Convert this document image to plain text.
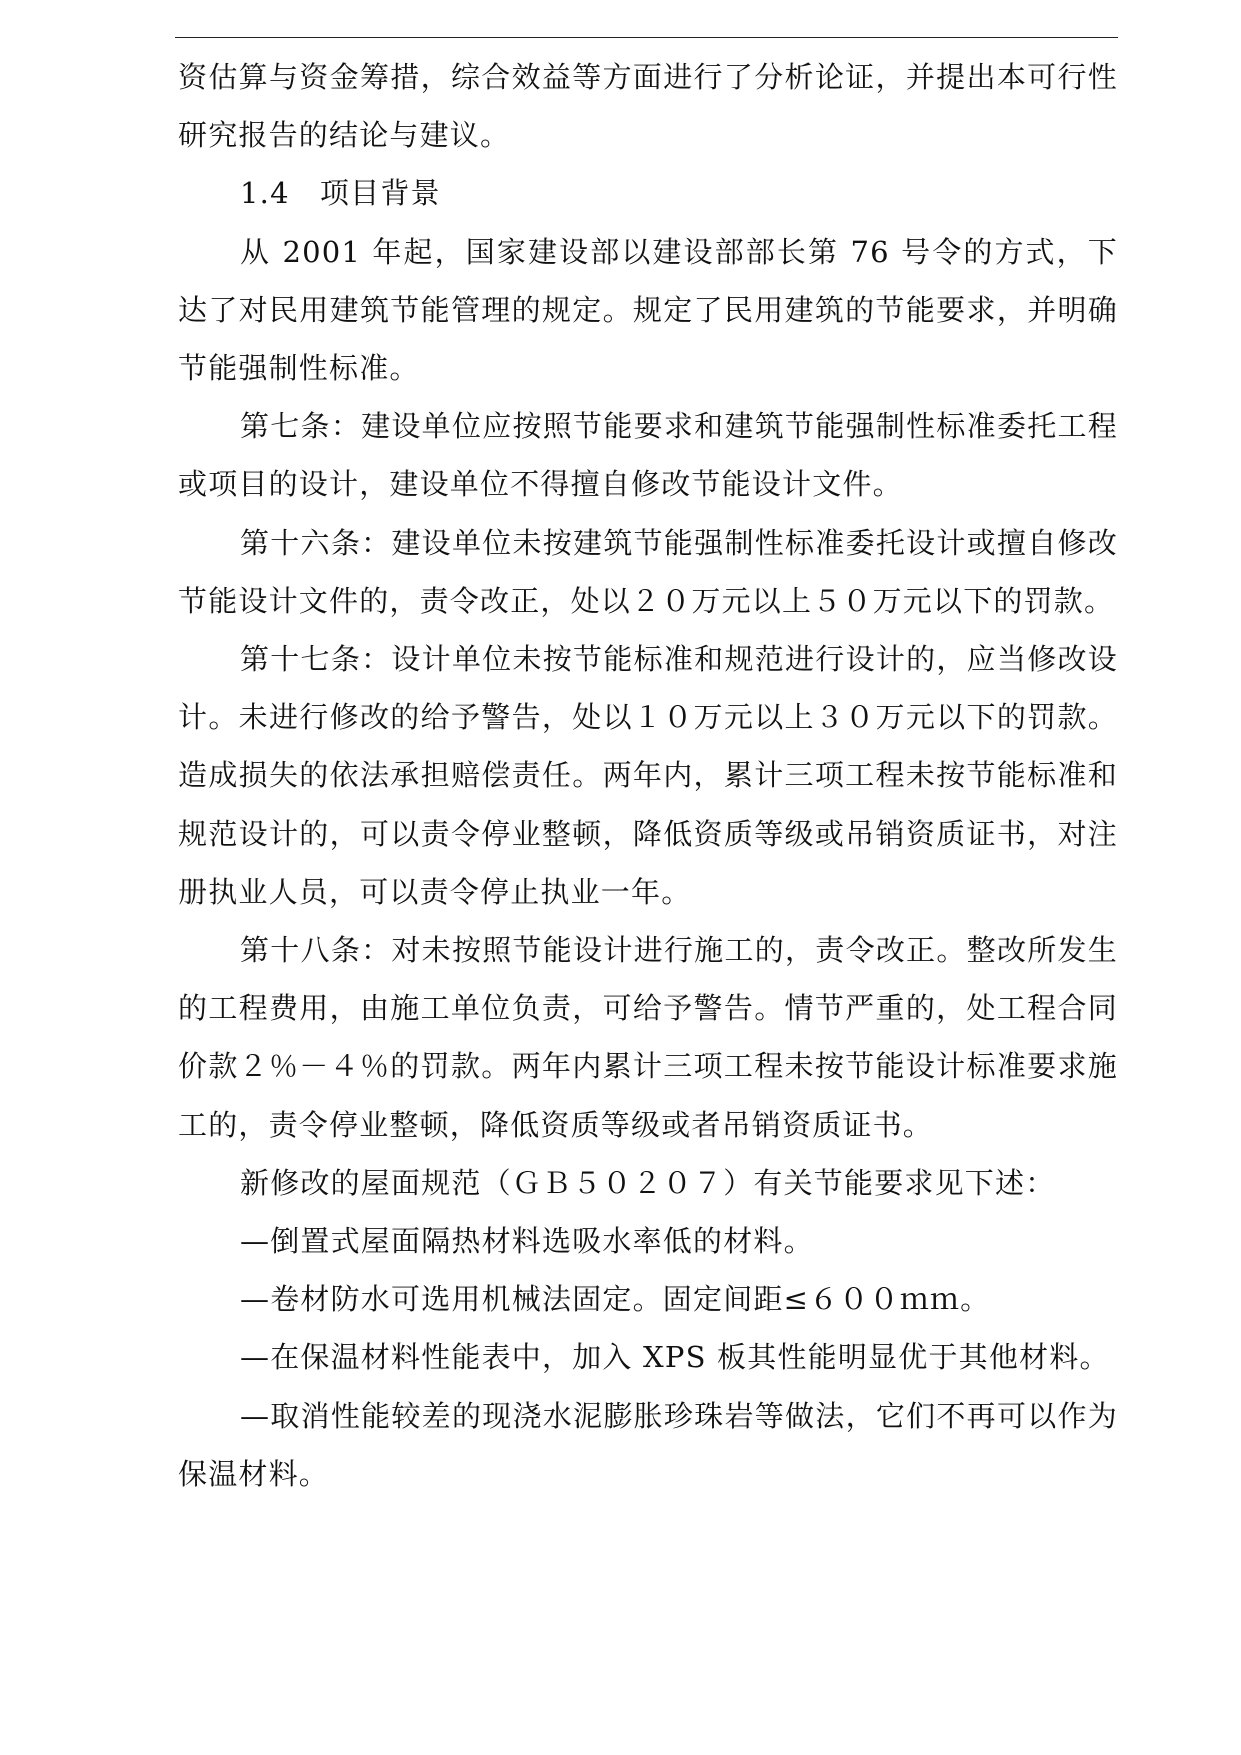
资估算与资金筹措，综合效益等方面进行了分析论证，并提出本可行性研究报告的结论与建议。

1.4　项目背景

从 2001 年起，国家建设部以建设部部长第 76 号令的方式，下达了对民用建筑节能管理的规定。规定了民用建筑的节能要求，并明确节能强制性标准。

第七条：建设单位应按照节能要求和建筑节能强制性标准委托工程或项目的设计，建设单位不得擅自修改节能设计文件。

第十六条：建设单位未按建筑节能强制性标准委托设计或擅自修改节能设计文件的，责令改正，处以２０万元以上５０万元以下的罚款。

第十七条：设计单位未按节能标准和规范进行设计的，应当修改设计。未进行修改的给予警告，处以１０万元以上３０万元以下的罚款。造成损失的依法承担赔偿责任。两年内，累计三项工程未按节能标准和规范设计的，可以责令停业整顿，降低资质等级或吊销资质证书，对注册执业人员，可以责令停止执业一年。

第十八条：对未按照节能设计进行施工的，责令改正。整改所发生的工程费用，由施工单位负责，可给予警告。情节严重的，处工程合同价款２％－４％的罚款。两年内累计三项工程未按节能设计标准要求施工的，责令停业整顿，降低资质等级或者吊销资质证书。

新修改的屋面规范（ＧＢ５０２０７）有关节能要求见下述：

—倒置式屋面隔热材料选吸水率低的材料。

—卷材防水可选用机械法固定。固定间距≤６００ｍｍ。

—在保温材料性能表中，加入 XPS 板其性能明显优于其他材料。

—取消性能较差的现浇水泥膨胀珍珠岩等做法，它们不再可以作为保温材料。
